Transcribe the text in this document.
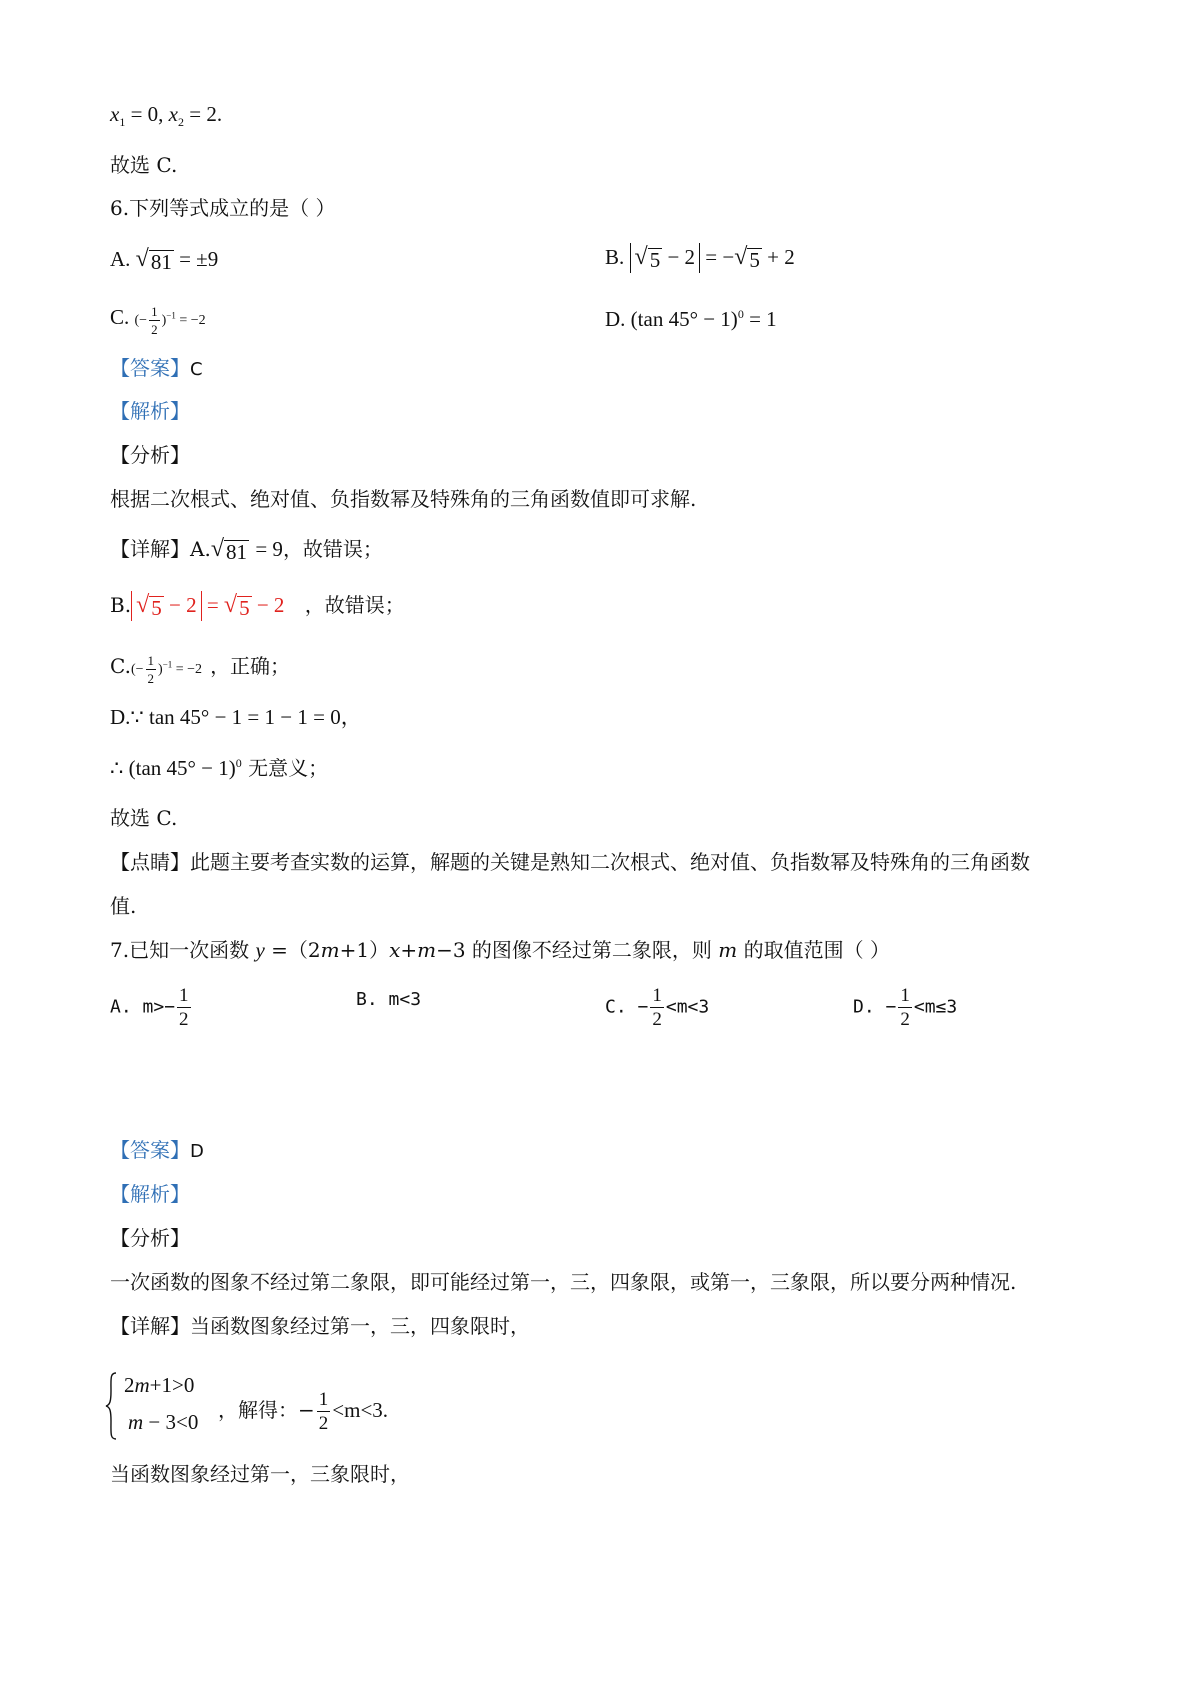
$x_1 = 0$, $x_2 = 2$.
故选 C.
6.下列等式成立的是（ ）
A. √ 81 = ±9	B. √ 5 − 2 = − √ 5 + 2
C. (− $\frac{1}{2} )^{-1} = -2$	D. (tan 45° − 1)$^0$ = 1
【答案】C
【解析】
【分析】
根据二次根式、绝对值、负指数幂及特殊角的三角函数值即可求解.
【详解】A. √ 81 = 9，故错误；
B. √ 5 − 2 = √ 5 − 2 ，故错误；
$C.(- \frac{1}{2} )^{-1} = -2$ ，正确；
D.∵ tan 45° − 1 = 1 − 1 = 0，
∴ (tan 45° − 1)$^0$ 无意义；
故选 C.
【点睛】此题主要考查实数的运算，解题的关键是熟知二次根式、绝对值、负指数幂及特殊角的三角函数
值.
7.已知一次函数 y =（2m+1）x+m−3 的图像不经过第二象限，则 m 的取值范围（ ）
A. $m>- \frac{1}{2}$	B. m<3	C. − $\frac{1}{2} <m<3$	D. − $\frac{1}{2} <m\le 3$
【答案】D
【解析】
【分析】
一次函数的图象不经过第二象限，即可能经过第一，三，四象限，或第一，三象限，所以要分两种情况.
【详解】当函数图象经过第一，三，四象限时，
2m+1>0
m − 3<0 ，解得：− $\frac{1}{2} <m<3$.
当函数图象经过第一，三象限时，
